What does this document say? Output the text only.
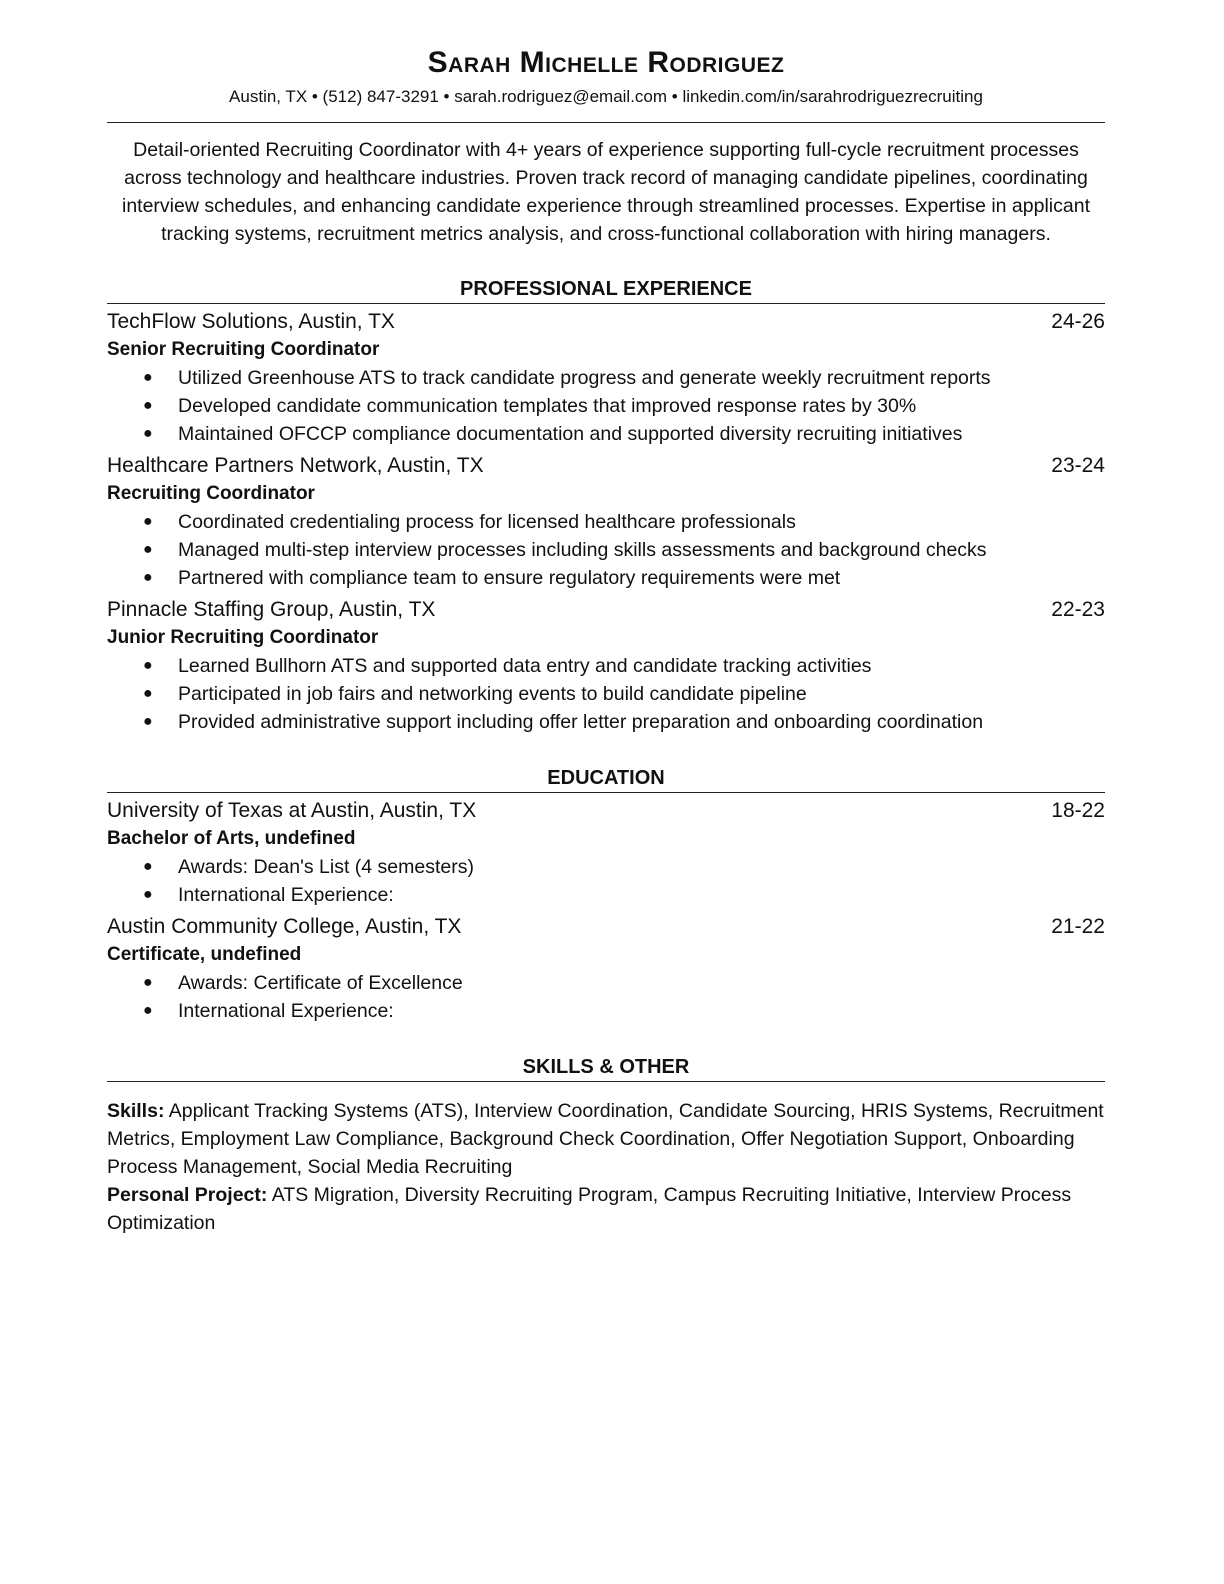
Sarah Michelle Rodriguez
Austin, TX • (512) 847-3291 • sarah.rodriguez@email.com • linkedin.com/in/sarahrodriguezrecruiting
Detail-oriented Recruiting Coordinator with 4+ years of experience supporting full-cycle recruitment processes across technology and healthcare industries. Proven track record of managing candidate pipelines, coordinating interview schedules, and enhancing candidate experience through streamlined processes. Expertise in applicant tracking systems, recruitment metrics analysis, and cross-functional collaboration with hiring managers.
PROFESSIONAL EXPERIENCE
TechFlow Solutions, Austin, TX	24-26
Senior Recruiting Coordinator
● Utilized Greenhouse ATS to track candidate progress and generate weekly recruitment reports
● Developed candidate communication templates that improved response rates by 30%
● Maintained OFCCP compliance documentation and supported diversity recruiting initiatives
Healthcare Partners Network, Austin, TX	23-24
Recruiting Coordinator
● Coordinated credentialing process for licensed healthcare professionals
● Managed multi-step interview processes including skills assessments and background checks
● Partnered with compliance team to ensure regulatory requirements were met
Pinnacle Staffing Group, Austin, TX	22-23
Junior Recruiting Coordinator
● Learned Bullhorn ATS and supported data entry and candidate tracking activities
● Participated in job fairs and networking events to build candidate pipeline
● Provided administrative support including offer letter preparation and onboarding coordination
EDUCATION
University of Texas at Austin, Austin, TX	18-22
Bachelor of Arts, undefined
● Awards: Dean's List (4 semesters)
● International Experience:
Austin Community College, Austin, TX	21-22
Certificate, undefined
● Awards: Certificate of Excellence
● International Experience:
SKILLS & OTHER
Skills: Applicant Tracking Systems (ATS), Interview Coordination, Candidate Sourcing, HRIS Systems, Recruitment Metrics, Employment Law Compliance, Background Check Coordination, Offer Negotiation Support, Onboarding Process Management, Social Media Recruiting
Personal Project: ATS Migration, Diversity Recruiting Program, Campus Recruiting Initiative, Interview Process Optimization
